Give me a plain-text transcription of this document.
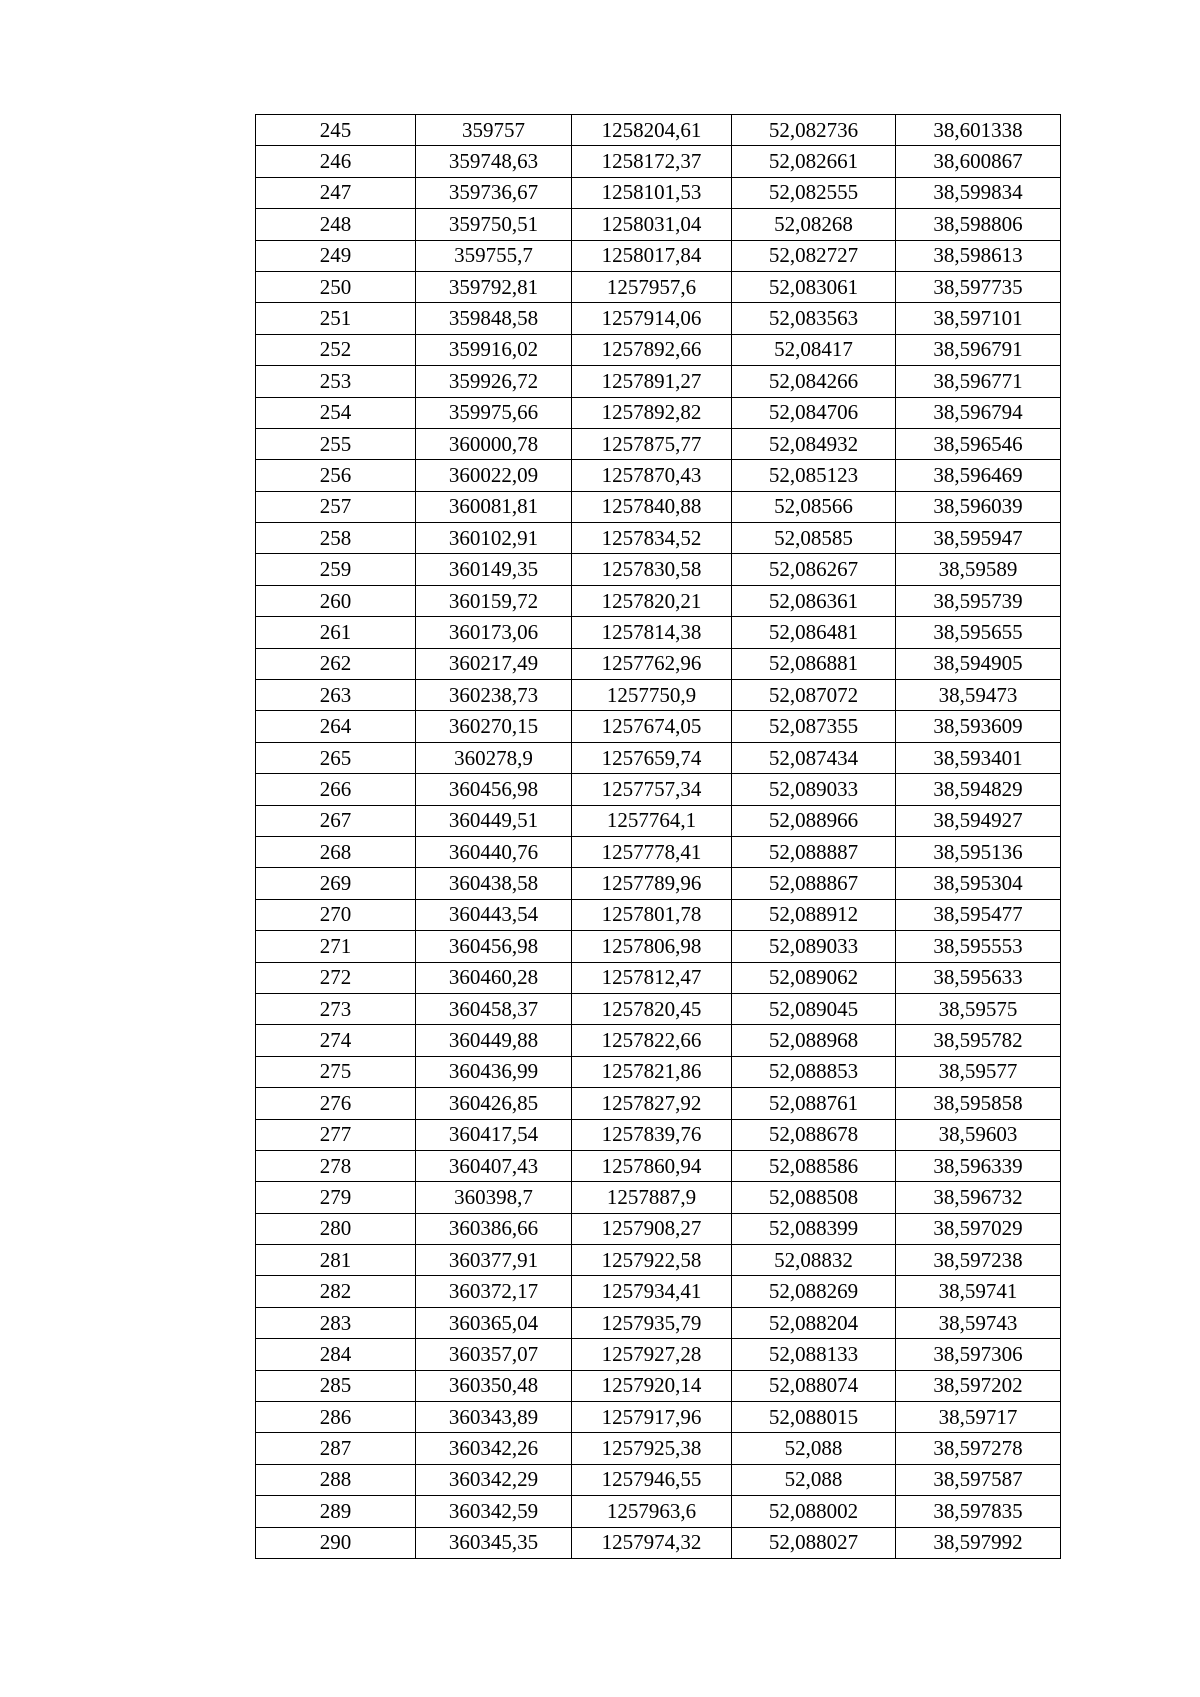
245	359757	1258204,61	52,082736	38,601338
246	359748,63	1258172,37	52,082661	38,600867
247	359736,67	1258101,53	52,082555	38,599834
248	359750,51	1258031,04	52,08268	38,598806
249	359755,7	1258017,84	52,082727	38,598613
250	359792,81	1257957,6	52,083061	38,597735
251	359848,58	1257914,06	52,083563	38,597101
252	359916,02	1257892,66	52,08417	38,596791
253	359926,72	1257891,27	52,084266	38,596771
254	359975,66	1257892,82	52,084706	38,596794
255	360000,78	1257875,77	52,084932	38,596546
256	360022,09	1257870,43	52,085123	38,596469
257	360081,81	1257840,88	52,08566	38,596039
258	360102,91	1257834,52	52,08585	38,595947
259	360149,35	1257830,58	52,086267	38,59589
260	360159,72	1257820,21	52,086361	38,595739
261	360173,06	1257814,38	52,086481	38,595655
262	360217,49	1257762,96	52,086881	38,594905
263	360238,73	1257750,9	52,087072	38,59473
264	360270,15	1257674,05	52,087355	38,593609
265	360278,9	1257659,74	52,087434	38,593401
266	360456,98	1257757,34	52,089033	38,594829
267	360449,51	1257764,1	52,088966	38,594927
268	360440,76	1257778,41	52,088887	38,595136
269	360438,58	1257789,96	52,088867	38,595304
270	360443,54	1257801,78	52,088912	38,595477
271	360456,98	1257806,98	52,089033	38,595553
272	360460,28	1257812,47	52,089062	38,595633
273	360458,37	1257820,45	52,089045	38,59575
274	360449,88	1257822,66	52,088968	38,595782
275	360436,99	1257821,86	52,088853	38,59577
276	360426,85	1257827,92	52,088761	38,595858
277	360417,54	1257839,76	52,088678	38,59603
278	360407,43	1257860,94	52,088586	38,596339
279	360398,7	1257887,9	52,088508	38,596732
280	360386,66	1257908,27	52,088399	38,597029
281	360377,91	1257922,58	52,08832	38,597238
282	360372,17	1257934,41	52,088269	38,59741
283	360365,04	1257935,79	52,088204	38,59743
284	360357,07	1257927,28	52,088133	38,597306
285	360350,48	1257920,14	52,088074	38,597202
286	360343,89	1257917,96	52,088015	38,59717
287	360342,26	1257925,38	52,088	38,597278
288	360342,29	1257946,55	52,088	38,597587
289	360342,59	1257963,6	52,088002	38,597835
290	360345,35	1257974,32	52,088027	38,597992
